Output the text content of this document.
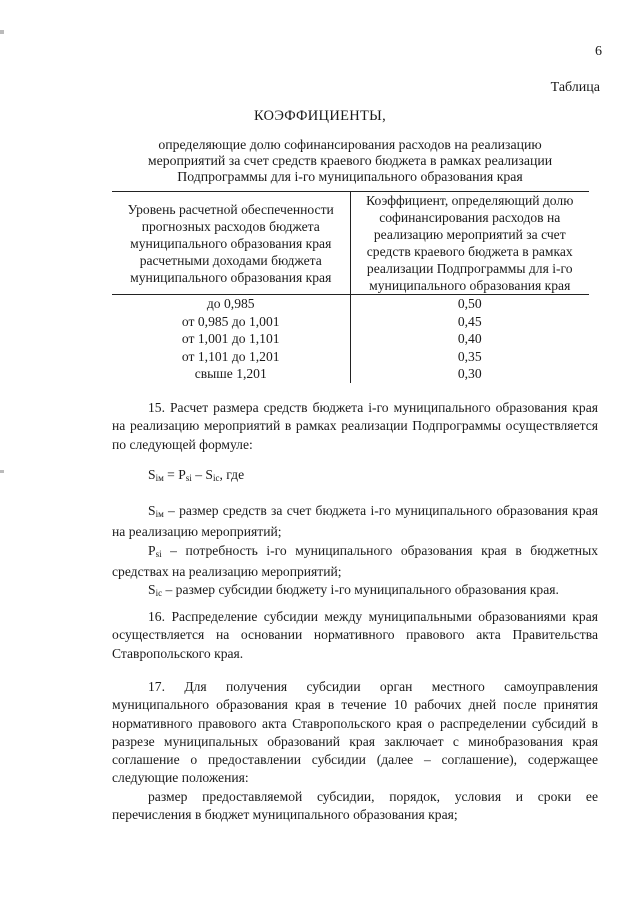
6
Таблица
КОЭФФИЦИЕНТЫ,
определяющие долю софинансирования расходов на реализацию
мероприятий за счет средств краевого бюджета в рамках реализации
Подпрограммы для i-го муниципального образования края
Уровень расчетной обеспеченности прогнозных расходов бюджета муниципального образования края расчетными доходами бюджета муниципального образования края	Коэффициент, определяющий долю софинансирования расходов на реализацию мероприятий за счет средств краевого бюджета в рамках реализации Подпрограммы для i-го муниципального образования края
до 0,985	0,50
от 0,985 до 1,001	0,45
от 1,001 до 1,101	0,40
от 1,101 до 1,201	0,35
свыше 1,201	0,30

15. Расчет размера средств бюджета i-го муниципального образования края на реализацию мероприятий в рамках реализации Подпрограммы осуществляется по следующей формуле:

$S_{iм} = P_{si} - S_{ic}$, где

$S_{iм}$ – размер средств за счет бюджета i-го муниципального образования края на реализацию мероприятий;

$P_{si}$ – потребность i-го муниципального образования края в бюджетных средствах на реализацию мероприятий;

$S_{ic}$ – размер субсидии бюджету i-го муниципального образования края.

16. Распределение субсидии между муниципальными образованиями края осуществляется на основании нормативного правового акта Правительства Ставропольского края.

17. Для получения субсидии орган местного самоуправления муниципального образования края в течение 10 рабочих дней после принятия нормативного правового акта Ставропольского края о распределении субсидий в разрезе муниципальных образований края заключает с минобразования края соглашение о предоставлении субсидии (далее – соглашение), содержащее следующие положения:

размер предоставляемой субсидии, порядок, условия и сроки ее перечисления в бюджет муниципального образования края;
